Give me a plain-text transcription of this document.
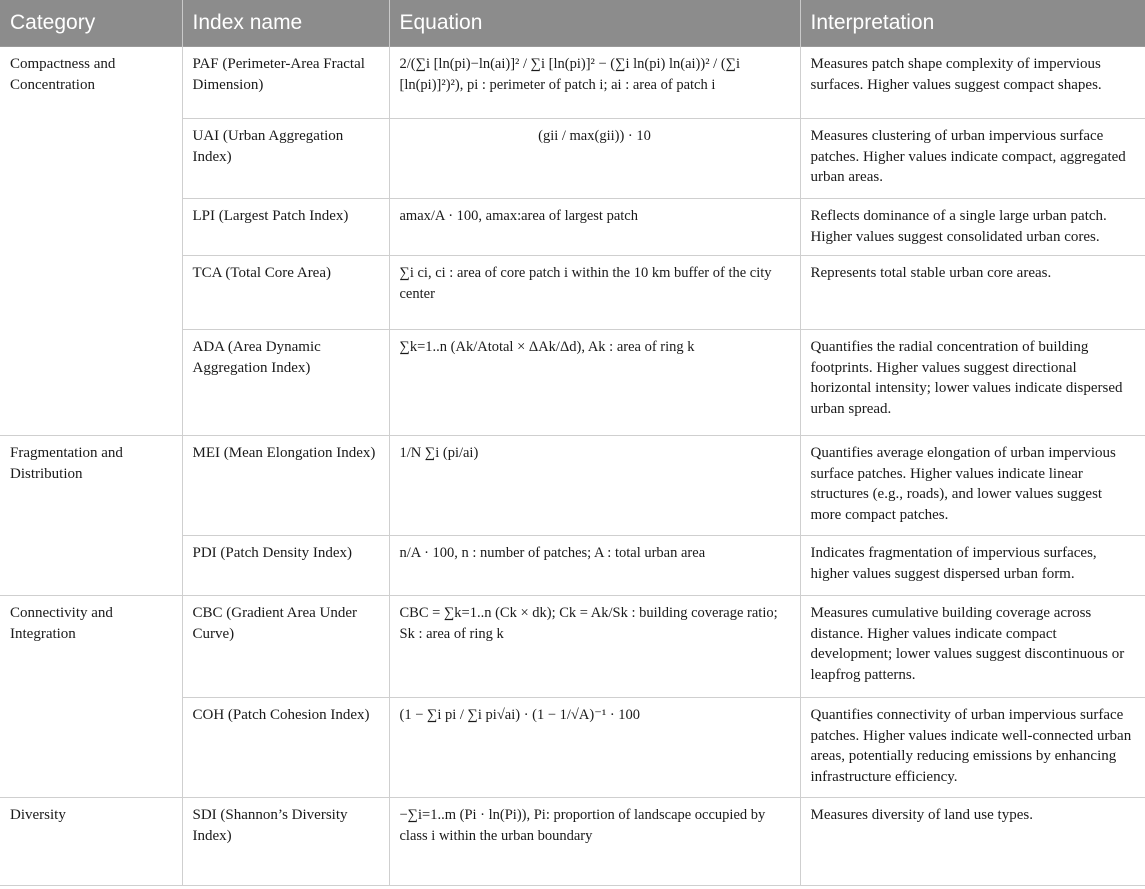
Category	Index name	Equation	Interpretation
Compactness and Concentration	PAF (Perimeter-Area Fractal Dimension)	2/(∑i [ln(pi)−ln(ai)]² / ∑i [ln(pi)]² − (∑i ln(pi) ln(ai))² / (∑i [ln(pi)]²)²), pi : perimeter of patch i; ai : area of patch i	Measures patch shape complexity of impervious surfaces. Higher values suggest compact shapes.
	UAI (Urban Aggregation Index)	(gii / max(gii)) · 10	Measures clustering of urban impervious surface patches. Higher values indicate compact, aggregated urban areas.
	LPI (Largest Patch Index)	amax/A · 100, amax:area of largest patch	Reflects dominance of a single large urban patch. Higher values suggest consolidated urban cores.
	TCA (Total Core Area)	∑i ci, ci : area of core patch i within the 10 km buffer of the city center	Represents total stable urban core areas.
	ADA (Area Dynamic Aggregation Index)	∑k=1..n (Ak/Atotal × ΔAk/Δd), Ak : area of ring k	Quantifies the radial concentration of building footprints. Higher values suggest directional horizontal intensity; lower values indicate dispersed urban spread.
Fragmentation and Distribution	MEI (Mean Elongation Index)	1/N ∑i (pi/ai)	Quantifies average elongation of urban impervious surface patches. Higher values indicate linear structures (e.g., roads), and lower values suggest more compact patches.
	PDI (Patch Density Index)	n/A · 100, n : number of patches; A : total urban area	Indicates fragmentation of impervious surfaces, higher values suggest dispersed urban form.
Connectivity and Integration	CBC (Gradient Area Under Curve)	CBC = ∑k=1..n (Ck × dk); Ck = Ak/Sk : building coverage ratio; Sk : area of ring k	Measures cumulative building coverage across distance. Higher values indicate compact development; lower values suggest discontinuous or leapfrog patterns.
	COH (Patch Cohesion Index)	(1 − ∑i pi / ∑i pi√ai) · (1 − 1/√A)⁻¹ · 100	Quantifies connectivity of urban impervious surface patches. Higher values indicate well-connected urban areas, potentially reducing emissions by enhancing infrastructure efficiency.
Diversity	SDI (Shannon’s Diversity Index)	−∑i=1..m (Pi · ln(Pi)), Pi: proportion of landscape occupied by class i within the urban boundary	Measures diversity of land use types.
